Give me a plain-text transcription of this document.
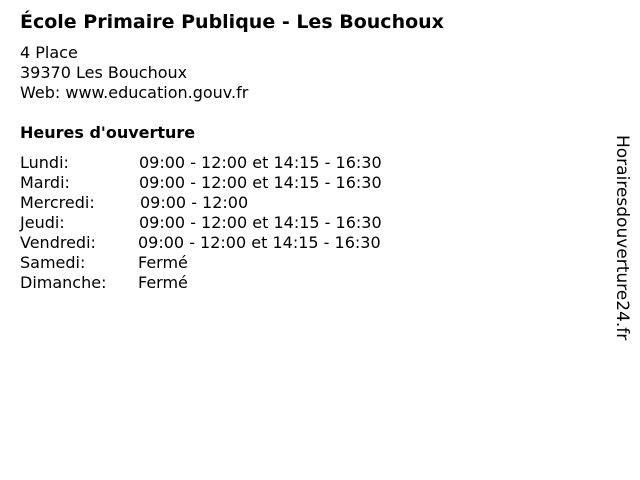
École Primaire Publique - Les Bouchoux
4 Place
39370 Les Bouchoux
Web: www.education.gouv.fr
Heures d'ouverture
Lundi:	09:00 - 12:00 et 14:15 - 16:30
Mardi:	09:00 - 12:00 et 14:15 - 16:30
Mercredi:	09:00 - 12:00
Jeudi:	09:00 - 12:00 et 14:15 - 16:30
Vendredi:	09:00 - 12:00 et 14:15 - 16:30
Samedi:	Fermé
Dimanche: Fermé	Horairesdouverture24.fr
